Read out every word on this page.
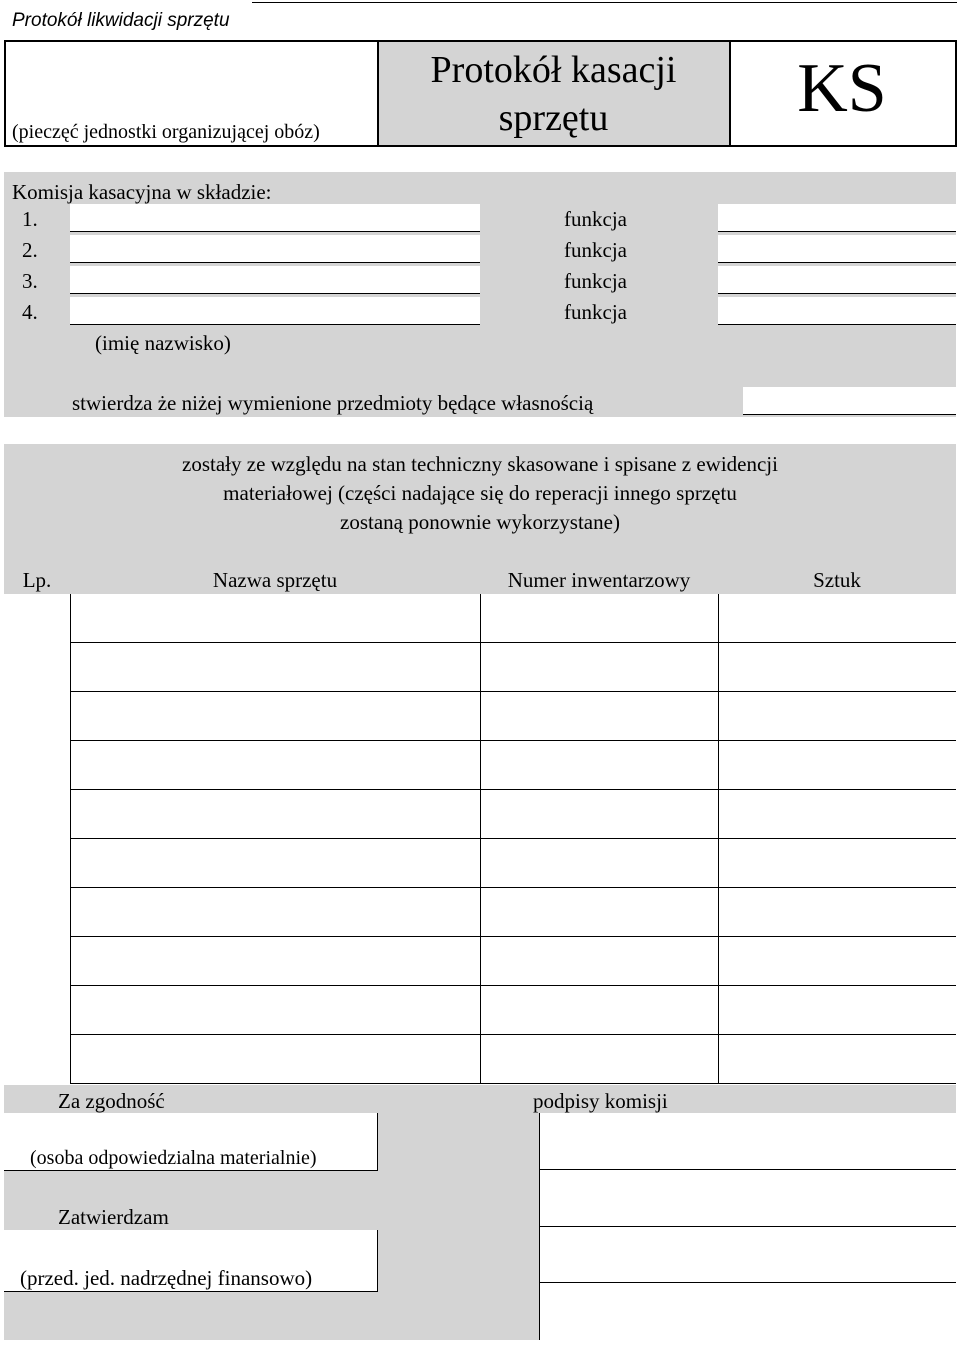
Protokół likwidacji sprzętu
(pieczęć jednostki organizującej obóz)
Protokół kasacji sprzętu	KS
Komisja kasacyjna w składzie:
1.	funkcja
2.	funkcja
3.	funkcja
4.	funkcja
(imię nazwisko)
stwierdza że niżej wymienione przedmioty będące własnością
zostały ze względu na stan techniczny skasowane i spisane z ewidencji
materiałowej (części nadające się do reperacji innego sprzętu
zostaną ponownie wykorzystane)
Lp.	Nazwa sprzętu	Numer inwentarzowy	Sztuk
Za zgodność	podpisy komisji
(osoba odpowiedzialna materialnie)
Zatwierdzam
(przed. jed. nadrzędnej finansowo)
